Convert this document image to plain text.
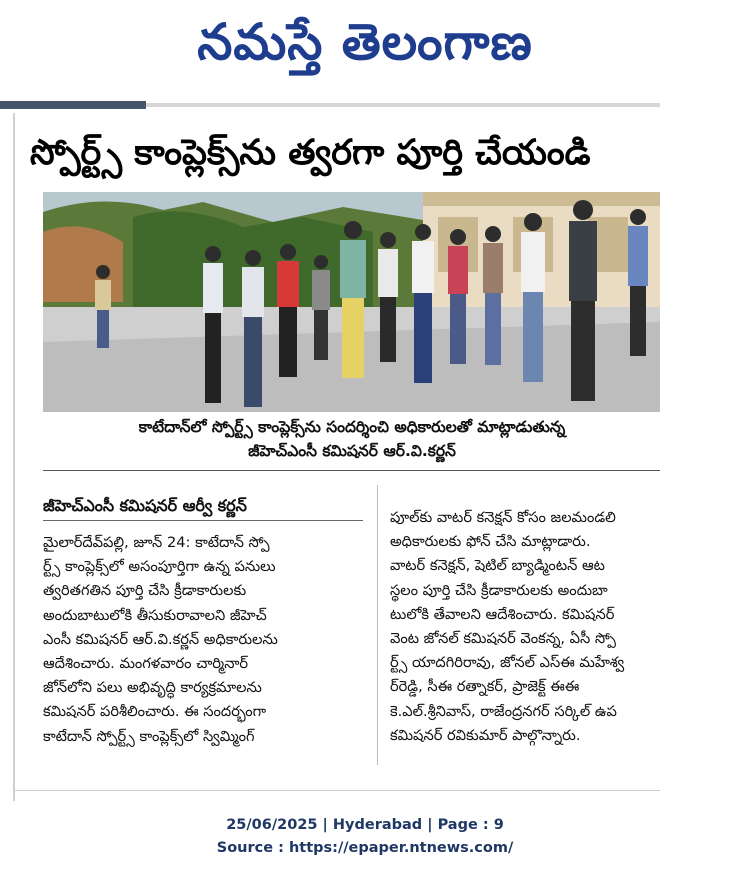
నమస్తే తెలంగాణ
స్పోర్ట్స్ కాంప్లెక్స్‌ను త్వరగా పూర్తి చేయండి
కాటేదాన్‌లో స్పోర్ట్స్ కాంప్లెక్స్‌ను సందర్శించి అధికారులతో మాట్లాడుతున్న
జీహెచ్‌ఎంసీ కమిషనర్ ఆర్.వి.కర్ణన్
జీహెచ్‌ఎంసీ కమిషనర్ ఆర్వీ కర్ణన్
మైలార్‌దేవ్‌పల్లి, జూన్ 24: కాటేదాన్ స్పో
ర్ట్స్ కాంప్లెక్స్‌లో అసంపూర్తిగా ఉన్న పనులు
త్వరితగతిన పూర్తి చేసి క్రీడాకారులకు
అందుబాటులోకి తీసుకురావాలని జీహెచ్
ఎంసీ కమిషనర్ ఆర్.వి.కర్ణన్ అధికారులను
ఆదేశించారు. మంగళవారం చార్మినార్
జోన్‌లోని పలు అభివృద్ధి కార్యక్రమాలను
కమిషనర్ పరిశీలించారు. ఈ సందర్భంగా
కాటేదాన్ స్పోర్ట్స్ కాంప్లెక్స్‌లో స్విమ్మింగ్
పూల్‌కు వాటర్ కనెక్షన్ కోసం జలమండలి
అధికారులకు ఫోన్ చేసి మాట్లాడారు.
వాటర్ కనెక్షన్, షెటిల్ బ్యాడ్మింటన్ ఆట
స్థలం పూర్తి చేసి క్రీడాకారులకు అందుబా
టులోకి తేవాలని ఆదేశించారు. కమిషనర్
వెంట జోనల్ కమిషనర్ వెంకన్న, ఏసీ స్పో
ర్ట్స్ యాదగిరిరావు, జోనల్ ఎస్ఈ మహేశ్వ
ర్‌రెడ్డి, సీఈ రత్నాకర్, ప్రాజెక్ట్ ఈఈ
కె.ఎల్.శ్రీనివాస్, రాజేంద్రనగర్ సర్కిల్ ఉప
కమిషనర్ రవికుమార్ పాల్గొన్నారు.
25/06/2025 | Hyderabad | Page : 9
Source : https://epaper.ntnews.com/
